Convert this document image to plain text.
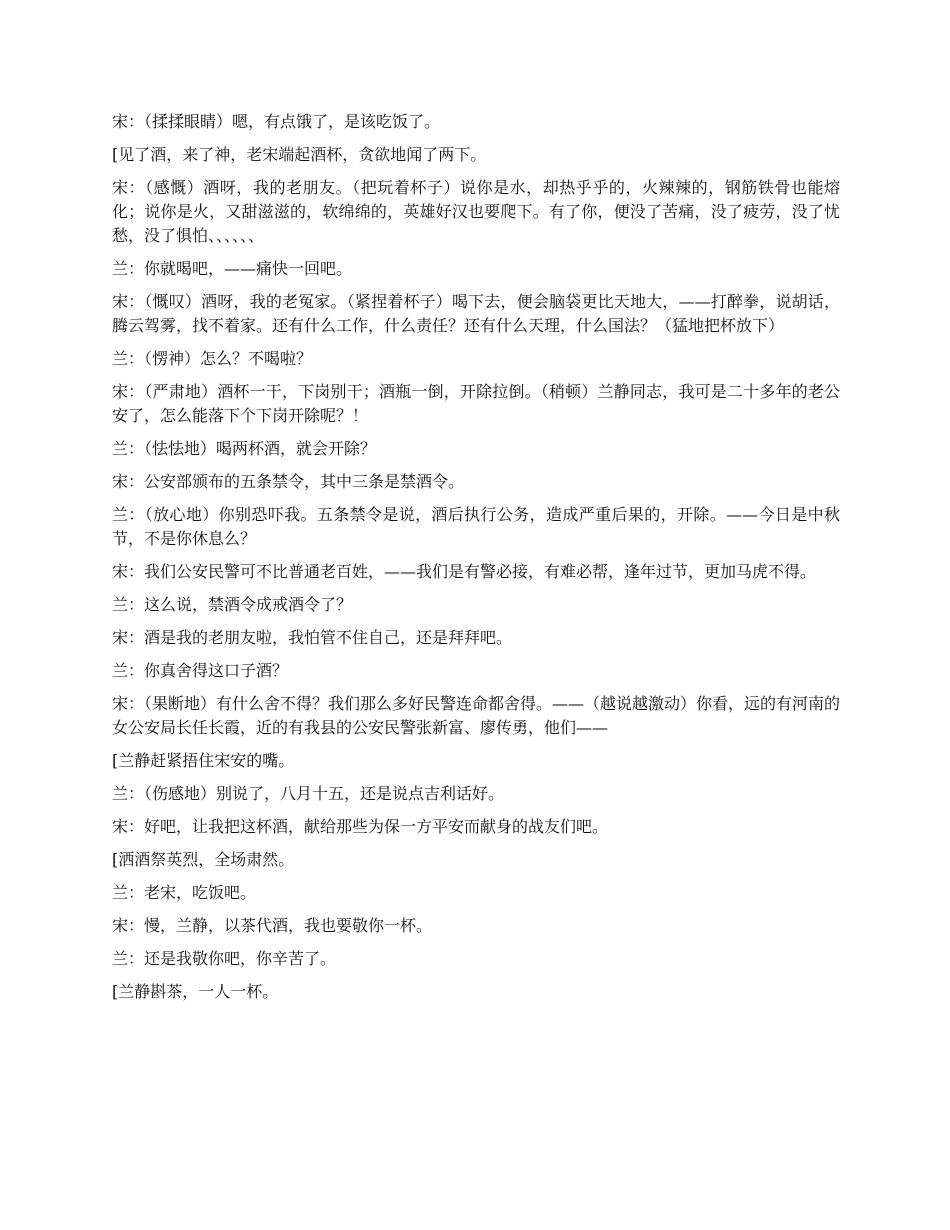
宋：（揉揉眼睛）嗯，有点饿了，是该吃饭了。

[见了酒，来了神，老宋端起酒杯，贪欲地闻了两下。

宋：（感慨）酒呀，我的老朋友。（把玩着杯子）说你是水，却热乎乎的，火辣辣的，钢筋铁骨也能熔化；说你是火，又甜滋滋的，软绵绵的，英雄好汉也要爬下。有了你，便没了苦痛，没了疲劳，没了忧愁，没了惧怕、、、、、、

兰：你就喝吧，——痛快一回吧。

宋：（慨叹）酒呀，我的老冤家。（紧捏着杯子）喝下去，便会脑袋更比天地大，——打醉拳，说胡话，腾云驾雾，找不着家。还有什么工作，什么责任？还有什么天理，什么国法？（猛地把杯放下）

兰：（愣神）怎么？不喝啦？

宋：（严肃地）酒杯一干，下岗别干；酒瓶一倒，开除拉倒。（稍顿）兰静同志，我可是二十多年的老公安了，怎么能落下个下岗开除呢？！

兰：（怯怯地）喝两杯酒，就会开除？

宋：公安部颁布的五条禁令，其中三条是禁酒令。

兰：（放心地）你别恐吓我。五条禁令是说，酒后执行公务，造成严重后果的，开除。——今日是中秋节，不是你休息么？

宋：我们公安民警可不比普通老百姓，——我们是有警必接，有难必帮，逢年过节，更加马虎不得。

兰：这么说，禁酒令成戒酒令了？

宋：酒是我的老朋友啦，我怕管不住自己，还是拜拜吧。

兰：你真舍得这口子酒？

宋：（果断地）有什么舍不得？我们那么多好民警连命都舍得。——（越说越激动）你看，远的有河南的女公安局长任长霞，近的有我县的公安民警张新富、廖传勇，他们——

[兰静赶紧捂住宋安的嘴。

兰：（伤感地）别说了，八月十五，还是说点吉利话好。

宋：好吧，让我把这杯酒，献给那些为保一方平安而献身的战友们吧。

[洒酒祭英烈，全场肃然。

兰：老宋，吃饭吧。

宋：慢，兰静，以茶代酒，我也要敬你一杯。

兰：还是我敬你吧，你辛苦了。

[兰静斟茶，一人一杯。
